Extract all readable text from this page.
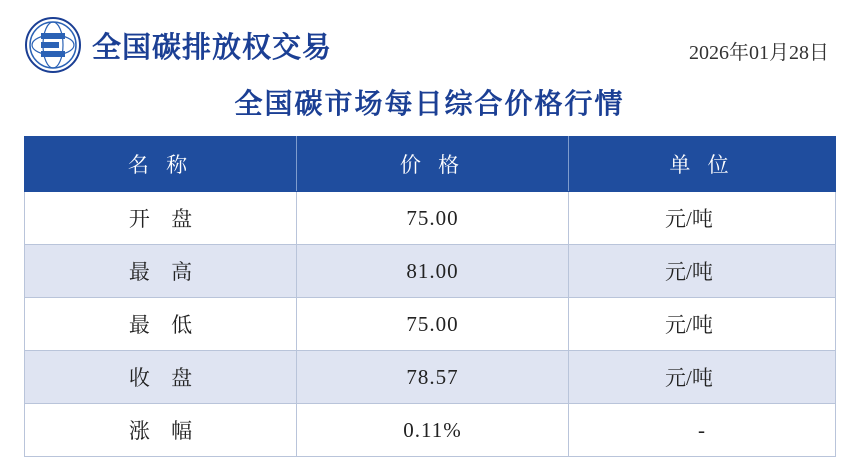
全国碳排放权交易	2026年01月28日
全国碳市场每日综合价格行情
名 称	价 格	单 位
开 盘	75.00	元/吨
最 高	81.00	元/吨
最 低	75.00	元/吨
收 盘	78.57	元/吨
涨 幅	0.11%	-
